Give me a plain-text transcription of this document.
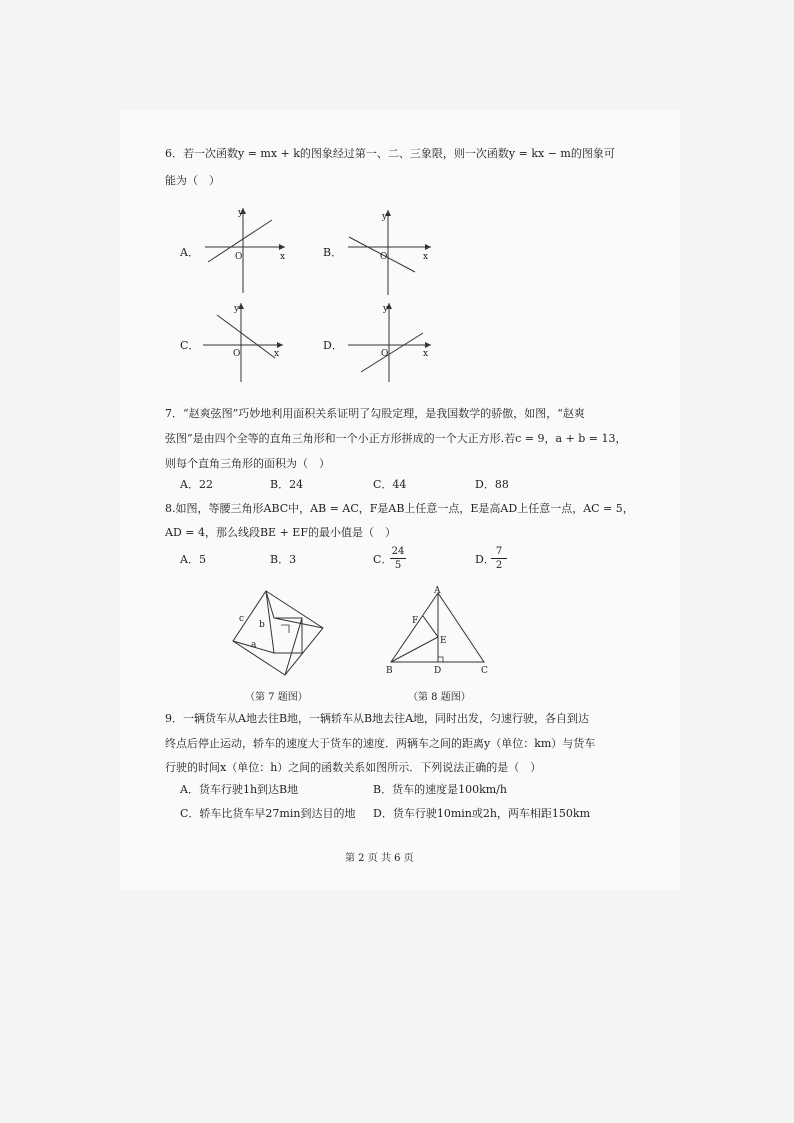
6．若一次函数y = mx + k的图象经过第一、二、三象限，则一次函数y = kx − m的图象可
能为（　）
A．
y
x
O	B．
y
x
O
C．
y
x
O
D．
y
x
O
7．“赵爽弦图”巧妙地利用面积关系证明了勾股定理，是我国数学的骄傲，如图，“赵爽
弦图”是由四个全等的直角三角形和一个小正方形拼成的一个大正方形.若c = 9，a + b = 13，
则每个直角三角形的面积为（　）
A．22	B．24	C．44	D．88
8.如图，等腰三角形ABC中，AB = AC，F是AB上任意一点，E是高AD上任意一点，AC = 5，
AD = 4，那么线段BE + EF的最小值是（　）
A．5	B．3	C．
$\frac{24}{5}$	D．
$\frac{7}{2}$
c
b
a
（第 7 题图）
A
F
E
B	D	C
（第 8 题图）
9．一辆货车从A地去往B地，一辆轿车从B地去往A地，同时出发，匀速行驶，各自到达
终点后停止运动，轿车的速度大于货车的速度．两辆车之间的距离y（单位：km）与货车
行驶的时间x（单位：h）之间的函数关系如图所示．下列说法正确的是（　）
A．货车行驶1h到达B地	B．货车的速度是100km/h
C．轿车比货车早27min到达目的地 D．货车行驶10min或2h，两车相距150km
第 2 页 共 6 页
